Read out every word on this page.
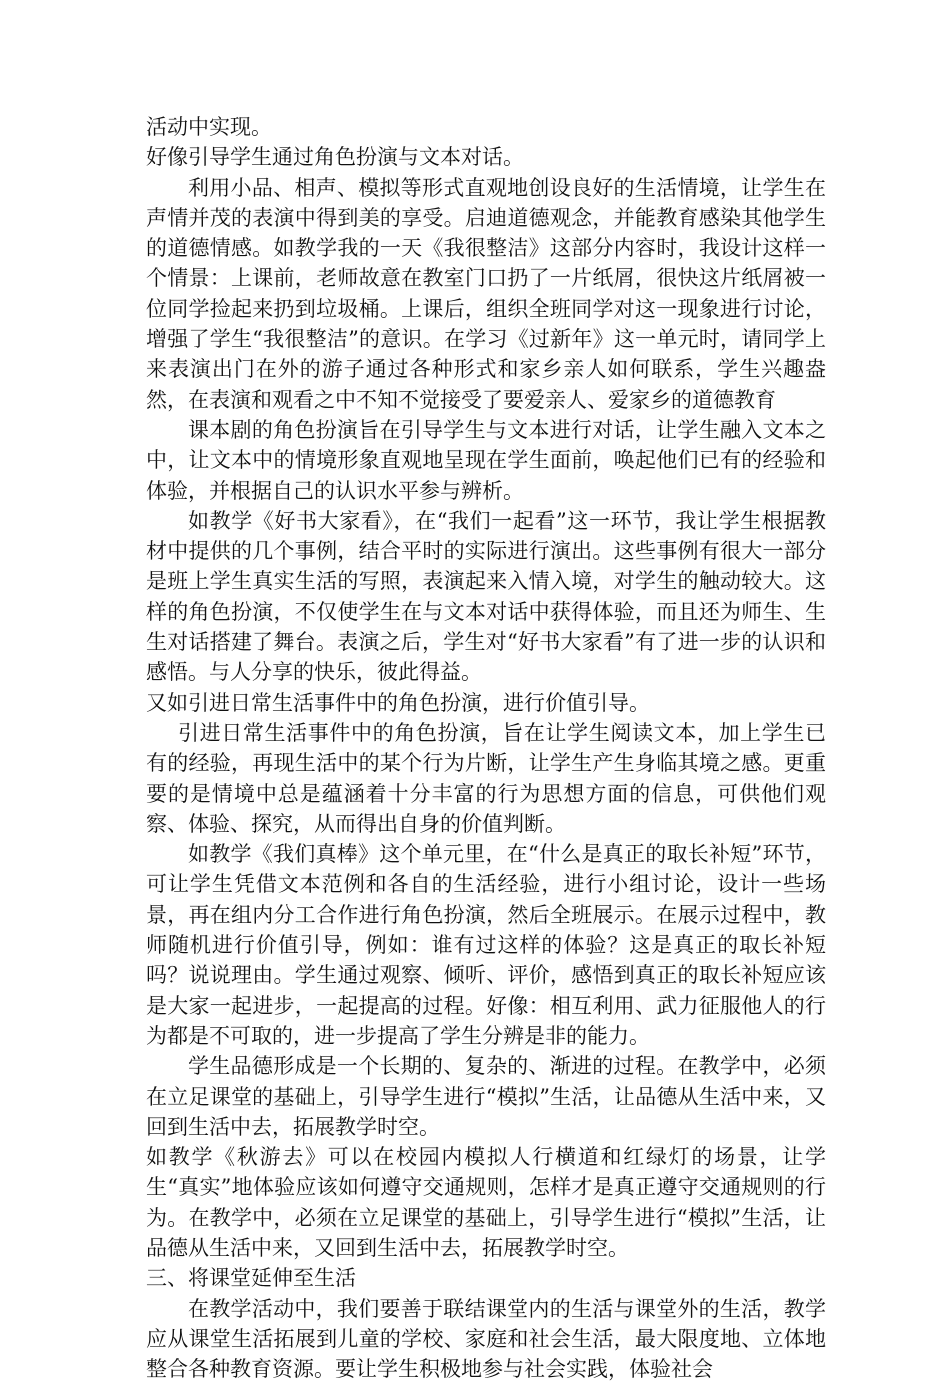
活动中实现。

好像引导学生通过角色扮演与文本对话。

利用小品、相声、模拟等形式直观地创设良好的生活情境，让学生在声情并茂的表演中得到美的享受。启迪道德观念，并能教育感染其他学生的道德情感。如教学我的一天《我很整洁》这部分内容时，我设计这样一个情景：上课前，老师故意在教室门口扔了一片纸屑，很快这片纸屑被一位同学捡起来扔到垃圾桶。上课后，组织全班同学对这一现象进行讨论，增强了学生“我很整洁”的意识。在学习《过新年》这一单元时，请同学上来表演出门在外的游子通过各种形式和家乡亲人如何联系，学生兴趣盎然，在表演和观看之中不知不觉接受了要爱亲人、爱家乡的道德教育

课本剧的角色扮演旨在引导学生与文本进行对话，让学生融入文本之中，让文本中的情境形象直观地呈现在学生面前，唤起他们已有的经验和体验，并根据自己的认识水平参与辨析。

如教学《好书大家看》，在“我们一起看”这一环节，我让学生根据教材中提供的几个事例，结合平时的实际进行演出。这些事例有很大一部分是班上学生真实生活的写照，表演起来入情入境，对学生的触动较大。这样的角色扮演，不仅使学生在与文本对话中获得体验，而且还为师生、生生对话搭建了舞台。表演之后，学生对“好书大家看”有了进一步的认识和感悟。与人分享的快乐，彼此得益。

又如引进日常生活事件中的角色扮演，进行价值引导。

引进日常生活事件中的角色扮演，旨在让学生阅读文本，加上学生已有的经验，再现生活中的某个行为片断，让学生产生身临其境之感。更重要的是情境中总是蕴涵着十分丰富的行为思想方面的信息，可供他们观察、体验、探究，从而得出自身的价值判断。

如教学《我们真棒》这个单元里，在“什么是真正的取长补短”环节，可让学生凭借文本范例和各自的生活经验，进行小组讨论，设计一些场景，再在组内分工合作进行角色扮演，然后全班展示。在展示过程中，教师随机进行价值引导，例如：谁有过这样的体验？这是真正的取长补短吗？说说理由。学生通过观察、倾听、评价，感悟到真正的取长补短应该是大家一起进步，一起提高的过程。好像：相互利用、武力征服他人的行为都是不可取的，进一步提高了学生分辨是非的能力。

学生品德形成是一个长期的、复杂的、渐进的过程。在教学中，必须在立足课堂的基础上，引导学生进行“模拟”生活，让品德从生活中来，又回到生活中去，拓展教学时空。

如教学《秋游去》可以在校园内模拟人行横道和红绿灯的场景，让学生“真实”地体验应该如何遵守交通规则，怎样才是真正遵守交通规则的行为。在教学中，必须在立足课堂的基础上，引导学生进行“模拟”生活，让品德从生活中来，又回到生活中去，拓展教学时空。

三、将课堂延伸至生活

在教学活动中，我们要善于联结课堂内的生活与课堂外的生活，教学应从课堂生活拓展到儿童的学校、家庭和社会生活，最大限度地、立体地整合各种教育资源。要让学生积极地参与社会实践，体验社会
